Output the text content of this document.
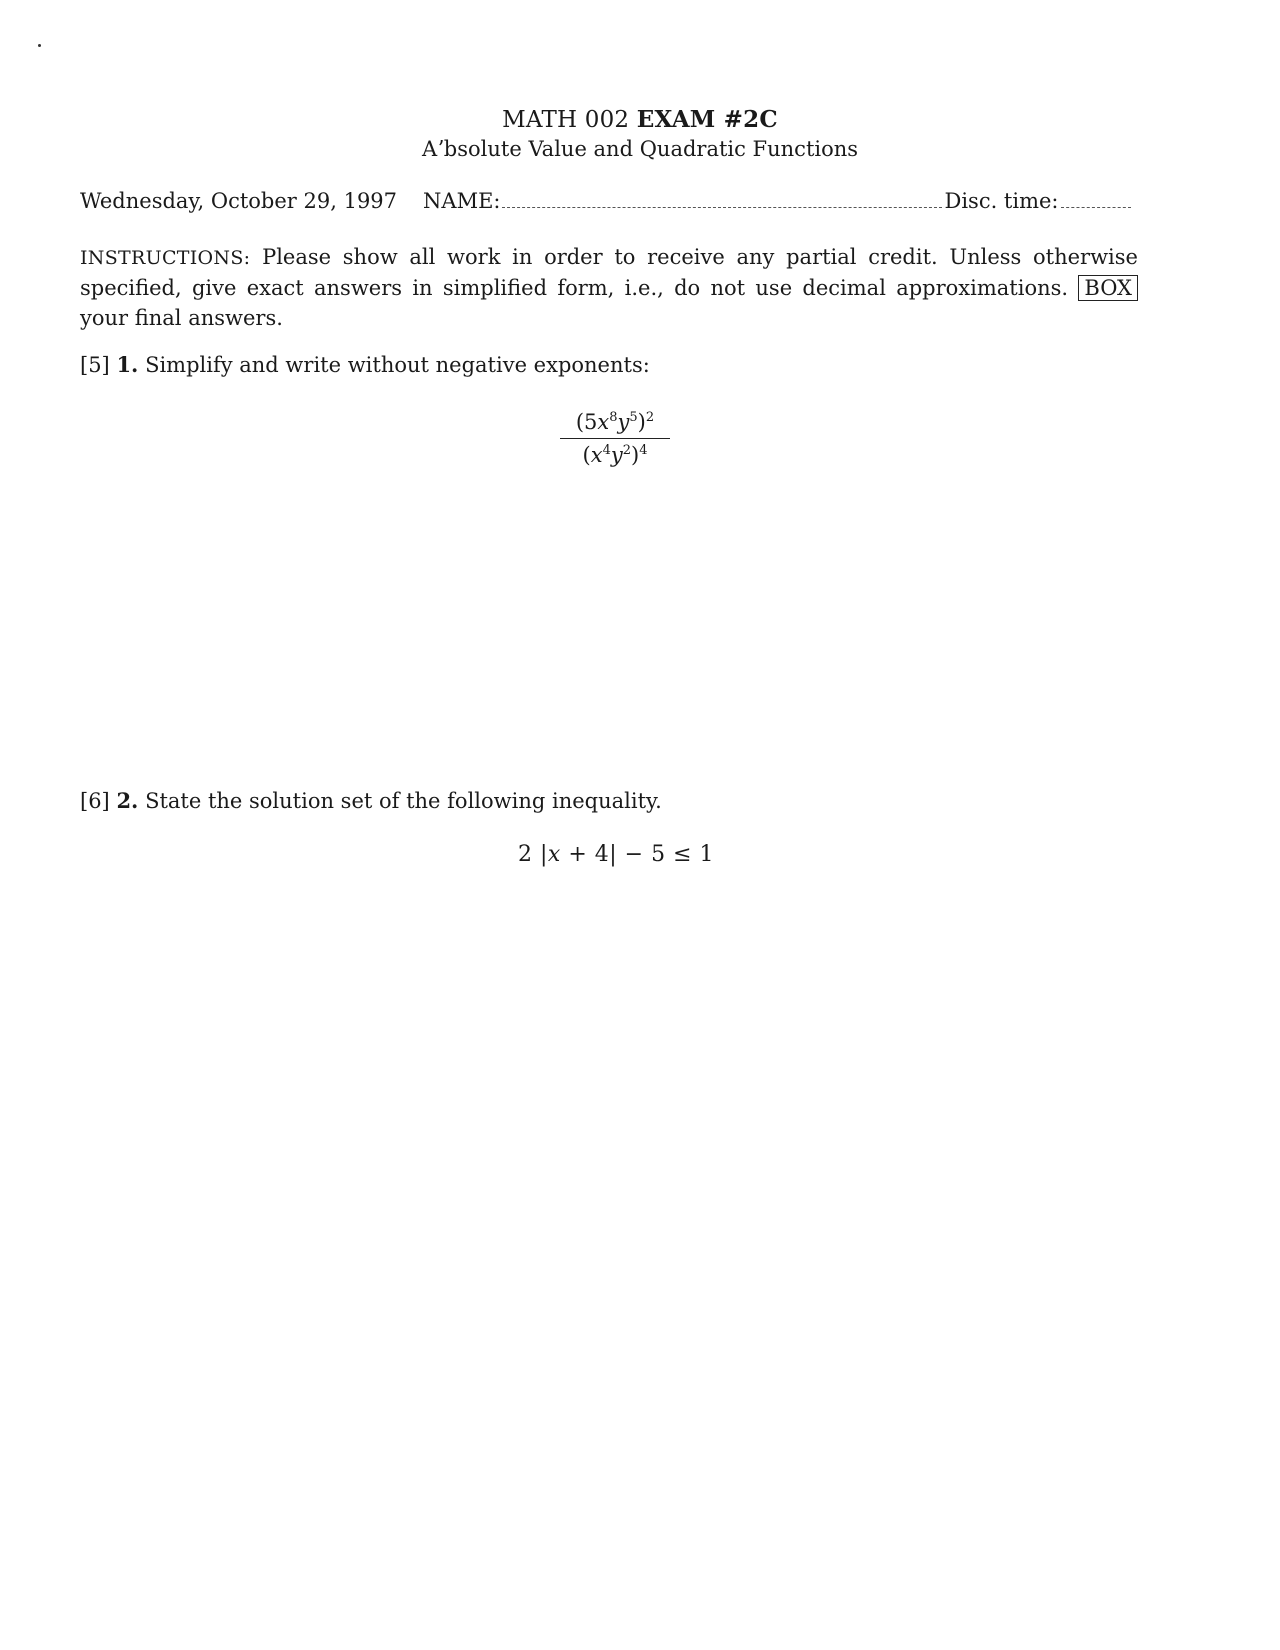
MATH 002 EXAM #2C
Aʼbsolute Value and Quadratic Functions
Wednesday, October 29, 1997 NAME:	Disc. time:
INSTRUCTIONS: Please show all work in order to receive any partial credit. Unless otherwise specified, give exact answers in simplified form, i.e., do not use decimal approximations. BOX your final answers.
[5] 1. Simplify and write without negative exponents:
$(5x^8y^5)^2$
$(x^4y^2)^4$
[6] 2. State the solution set of the following inequality.
2 |x + 4| − 5 ≤ 1
